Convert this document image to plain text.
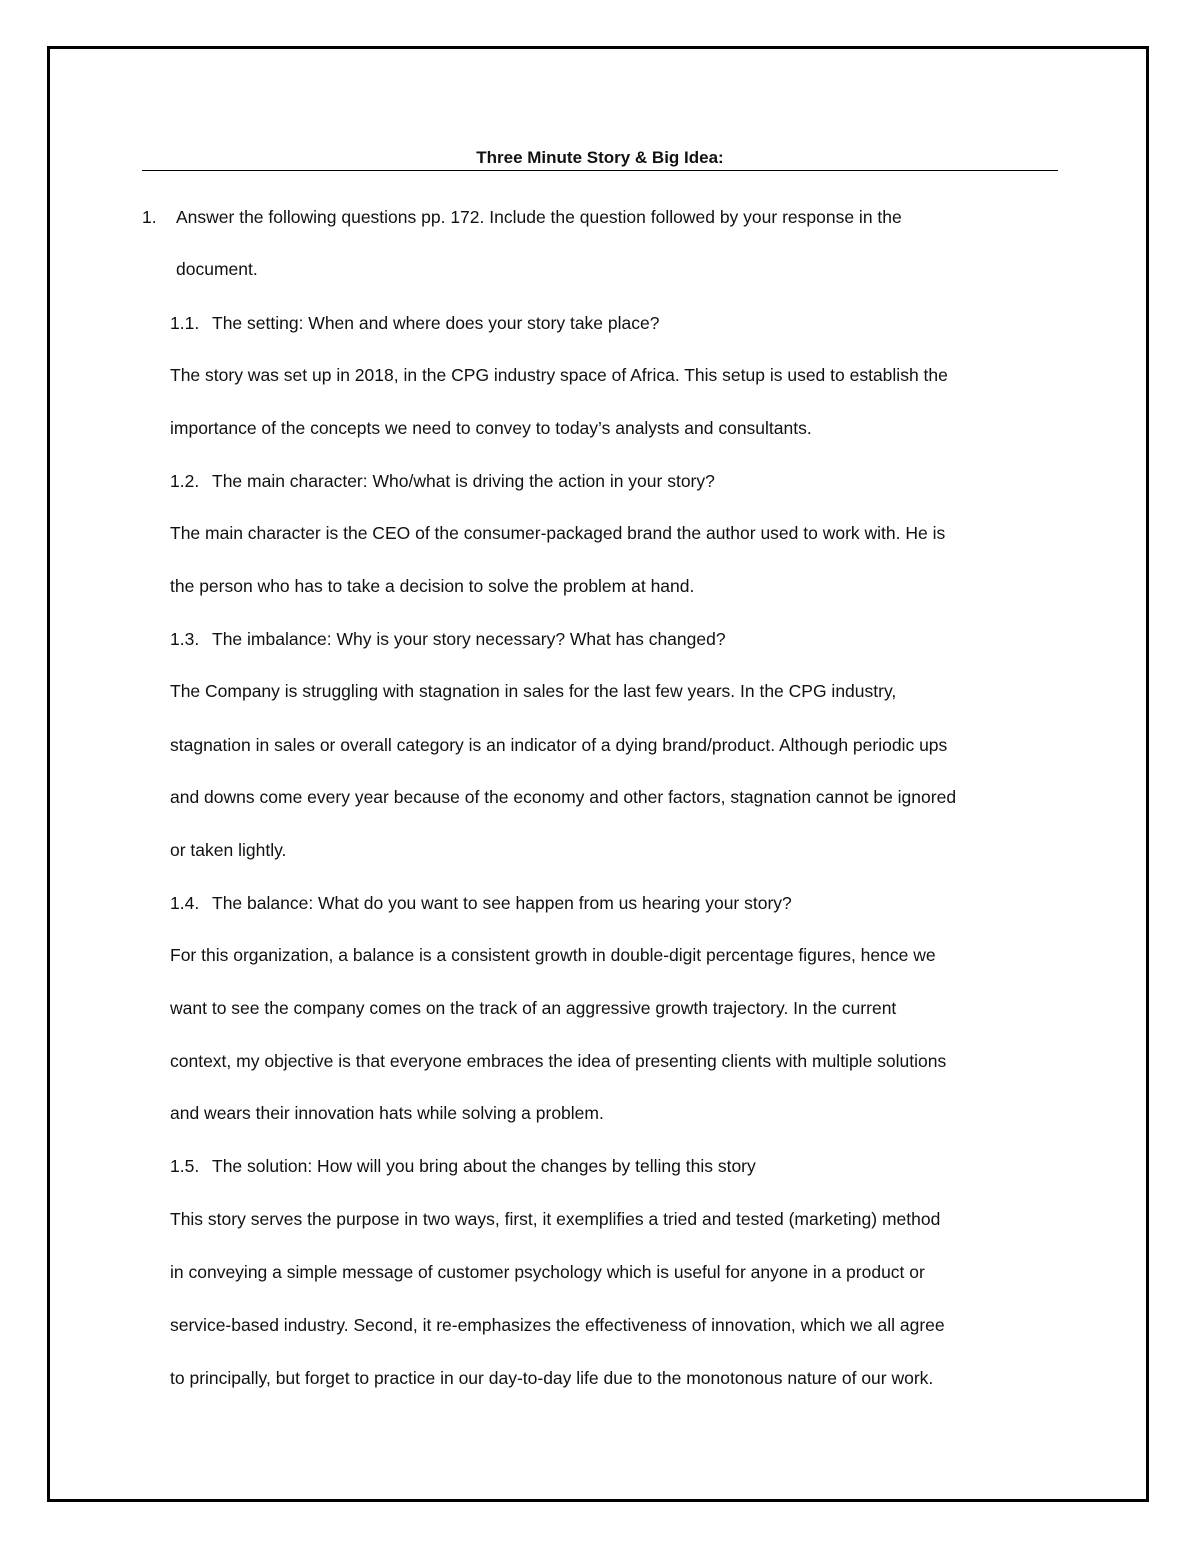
Three Minute Story & Big Idea:
1. Answer the following questions pp. 172. Include the question followed by your response in the
document.
1.1. The setting: When and where does your story take place?
The story was set up in 2018, in the CPG industry space of Africa. This setup is used to establish the
importance of the concepts we need to convey to today’s analysts and consultants.
1.2. The main character: Who/what is driving the action in your story?
The main character is the CEO of the consumer-packaged brand the author used to work with. He is
the person who has to take a decision to solve the problem at hand.
1.3. The imbalance: Why is your story necessary? What has changed?
The Company is struggling with stagnation in sales for the last few years. In the CPG industry,
stagnation in sales or overall category is an indicator of a dying brand/product. Although periodic ups
and downs come every year because of the economy and other factors, stagnation cannot be ignored
or taken lightly.
1.4. The balance: What do you want to see happen from us hearing your story?
For this organization, a balance is a consistent growth in double-digit percentage figures, hence we
want to see the company comes on the track of an aggressive growth trajectory. In the current
context, my objective is that everyone embraces the idea of presenting clients with multiple solutions
and wears their innovation hats while solving a problem.
1.5. The solution: How will you bring about the changes by telling this story
This story serves the purpose in two ways, first, it exemplifies a tried and tested (marketing) method
in conveying a simple message of customer psychology which is useful for anyone in a product or
service-based industry. Second, it re-emphasizes the effectiveness of innovation, which we all agree
to principally, but forget to practice in our day-to-day life due to the monotonous nature of our work.
